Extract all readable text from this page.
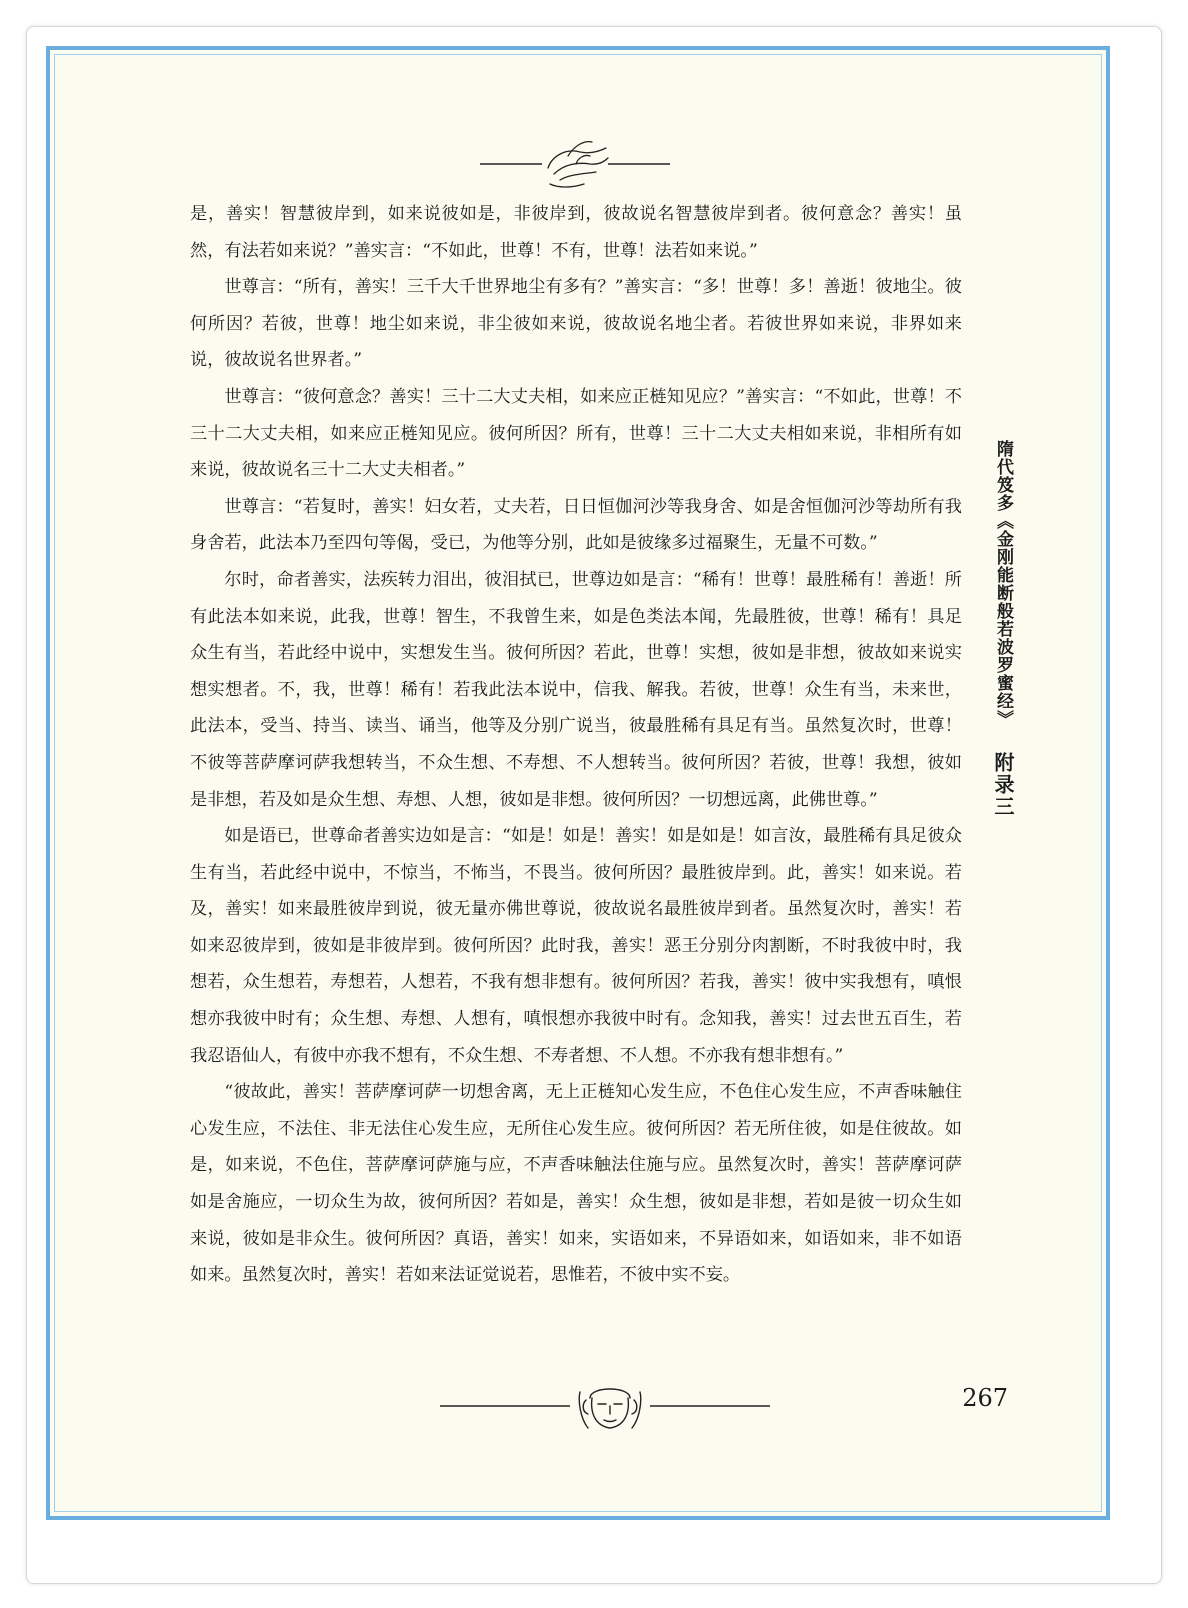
是，善实！智慧彼岸到，如来说彼如是，非彼岸到，彼故说名智慧彼岸到者。彼何意念？善实！虽然，有法若如来说？”善实言：“不如此，世尊！不有，世尊！法若如来说。”

世尊言：“所有，善实！三千大千世界地尘有多有？”善实言：“多！世尊！多！善逝！彼地尘。彼何所因？若彼，世尊！地尘如来说，非尘彼如来说，彼故说名地尘者。若彼世界如来说，非界如来说，彼故说名世界者。”

世尊言：“彼何意念？善实！三十二大丈夫相，如来应正梿知见应？”善实言：“不如此，世尊！不三十二大丈夫相，如来应正梿知见应。彼何所因？所有，世尊！三十二大丈夫相如来说，非相所有如来说，彼故说名三十二大丈夫相者。”

世尊言：“若复时，善实！妇女若，丈夫若，日日恒伽河沙等我身舍、如是舍恒伽河沙等劫所有我身舍若，此法本乃至四句等偈，受已，为他等分别，此如是彼缘多过福聚生，无量不可数。”

尔时，命者善实，法疾转力泪出，彼泪拭已，世尊边如是言：“稀有！世尊！最胜稀有！善逝！所有此法本如来说，此我，世尊！智生，不我曾生来，如是色类法本闻，先最胜彼，世尊！稀有！具足众生有当，若此经中说中，实想发生当。彼何所因？若此，世尊！实想，彼如是非想，彼故如来说实想实想者。不，我，世尊！稀有！若我此法本说中，信我、解我。若彼，世尊！众生有当，未来世，此法本，受当、持当、读当、诵当，他等及分别广说当，彼最胜稀有具足有当。虽然复次时，世尊！不彼等菩萨摩诃萨我想转当，不众生想、不寿想、不人想转当。彼何所因？若彼，世尊！我想，彼如是非想，若及如是众生想、寿想、人想，彼如是非想。彼何所因？一切想远离，此佛世尊。”

如是语已，世尊命者善实边如是言：“如是！如是！善实！如是如是！如言汝，最胜稀有具足彼众生有当，若此经中说中，不惊当，不怖当，不畏当。彼何所因？最胜彼岸到。此，善实！如来说。若及，善实！如来最胜彼岸到说，彼无量亦佛世尊说，彼故说名最胜彼岸到者。虽然复次时，善实！若如来忍彼岸到，彼如是非彼岸到。彼何所因？此时我，善实！恶王分别分肉割断，不时我彼中时，我想若，众生想若，寿想若，人想若，不我有想非想有。彼何所因？若我，善实！彼中实我想有，嗔恨想亦我彼中时有；众生想、寿想、人想有，嗔恨想亦我彼中时有。念知我，善实！过去世五百生，若我忍语仙人，有彼中亦我不想有，不众生想、不寿者想、不人想。不亦我有想非想有。”

“彼故此，善实！菩萨摩诃萨一切想舍离，无上正梿知心发生应，不色住心发生应，不声香味触住心发生应，不法住、非无法住心发生应，无所住心发生应。彼何所因？若无所住彼，如是住彼故。如是，如来说，不色住，菩萨摩诃萨施与应，不声香味触法住施与应。虽然复次时，善实！菩萨摩诃萨如是舍施应，一切众生为故，彼何所因？若如是，善实！众生想，彼如是非想，若如是彼一切众生如来说，彼如是非众生。彼何所因？真语，善实！如来，实语如来，不异语如来，如语如来，非不如语如来。虽然复次时，善实！若如来法证觉说若，思惟若，不彼中实不妄。

隋代笈多《金刚能断般若波罗蜜经》
附录三
267
